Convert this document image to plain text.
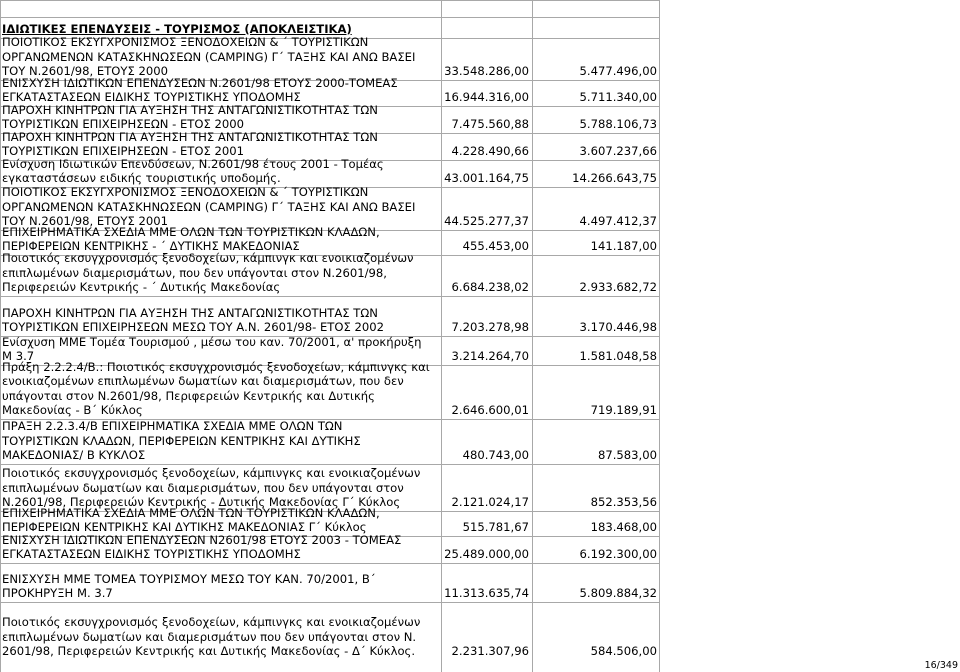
ΙΔΙΩΤΙΚΕΣ ΕΠΕΝΔΥΣΕΙΣ - ΤΟΥΡΙΣΜΟΣ (ΑΠΟΚΛΕΙΣΤΙΚΑ)
ΠΟΙΟΤΙΚΟΣ ΕΚΣΥΓΧΡΟΝΙΣΜΟΣ ΞΕΝΟΔΟΧΕΙΩΝ & ΄ ΤΟΥΡΙΣΤΙΚΩΝ
ΟΡΓΑΝΩΜΕΝΩΝ ΚΑΤΑΣΚΗΝΩΣΕΩΝ (CAMPING) Γ΄ ΤΑΞΗΣ ΚΑΙ ΑΝΩ ΒΑΣΕΙ
ΤΟΥ Ν.2601/98, ΕΤΟΥΣ 2000	33.548.286,00	5.477.496,00
ΕΝΙΣΧΥΣΗ ΙΔΙΩΤΙΚΩΝ ΕΠΕΝΔΥΣΕΩΝ Ν.2601/98 ΕΤΟΥΣ 2000-ΤΟΜΕΑΣ
ΕΓΚΑΤΑΣΤΑΣΕΩΝ ΕΙΔΙΚΗΣ ΤΟΥΡΙΣΤΙΚΗΣ ΥΠΟΔΟΜΗΣ	16.944.316,00	5.711.340,00
ΠΑΡΟΧΗ ΚΙΝΗΤΡΩΝ ΓΙΑ ΑΥΞΗΣΗ ΤΗΣ ΑΝΤΑΓΩΝΙΣΤΙΚΟΤΗΤΑΣ ΤΩΝ
ΤΟΥΡΙΣΤΙΚΩΝ ΕΠΙΧΕΙΡΗΣΕΩΝ - ΕΤΟΣ 2000	7.475.560,88	5.788.106,73
ΠΑΡΟΧΗ ΚΙΝΗΤΡΩΝ ΓΙΑ ΑΥΞΗΣΗ ΤΗΣ ΑΝΤΑΓΩΝΙΣΤΙΚΟΤΗΤΑΣ ΤΩΝ
ΤΟΥΡΙΣΤΙΚΩΝ ΕΠΙΧΕΙΡΗΣΕΩΝ - ΕΤΟΣ 2001	4.228.490,66	3.607.237,66
Ενίσχυση Ιδιωτικών Επενδύσεων, Ν.2601/98 έτους 2001 - Τομέας
εγκαταστάσεων ειδικής τουριστικής υποδομής.	43.001.164,75	14.266.643,75
ΠΟΙΟΤΙΚΟΣ ΕΚΣΥΓΧΡΟΝΙΣΜΟΣ ΞΕΝΟΔΟΧΕΙΩΝ & ΄ ΤΟΥΡΙΣΤΙΚΩΝ
ΟΡΓΑΝΩΜΕΝΩΝ ΚΑΤΑΣΚΗΝΩΣΕΩΝ (CAMPING) Γ΄ ΤΑΞΗΣ ΚΑΙ ΑΝΩ ΒΑΣΕΙ
ΤΟΥ Ν.2601/98, ΕΤΟΥΣ 2001	44.525.277,37	4.497.412,37
ΕΠΙΧΕΙΡΗΜΑΤΙΚΑ ΣΧΕΔΙΑ ΜΜΕ ΟΛΩΝ ΤΩΝ ΤΟΥΡΙΣΤΙΚΩΝ ΚΛΑΔΩΝ,
ΠΕΡΙΦΕΡΕΙΩΝ ΚΕΝΤΡΙΚΗΣ - ΄ ΔΥΤΙΚΗΣ ΜΑΚΕΔΟΝΙΑΣ	455.453,00	141.187,00
Ποιοτικός εκσυγχρονισμός ξενοδοχείων, κάμπινγκ και ενοικιαζομένων
επιπλωμένων διαμερισμάτων, που δεν υπάγονται στον Ν.2601/98,
Περιφερειών Κεντρικής - ΄ Δυτικής Μακεδονίας	6.684.238,02	2.933.682,72
ΠΑΡΟΧΗ ΚΙΝΗΤΡΩΝ ΓΙΑ ΑΥΞΗΣΗ ΤΗΣ ΑΝΤΑΓΩΝΙΣΤΙΚΟΤΗΤΑΣ ΤΩΝ
ΤΟΥΡΙΣΤΙΚΩΝ ΕΠΙΧΕΙΡΗΣΕΩΝ ΜΕΣΩ ΤΟΥ Α.Ν. 2601/98- ΕΤΟΣ 2002	7.203.278,98	3.170.446,98
Ενίσχυση ΜΜΕ Τομέα Τουρισμού , μέσω του καν. 70/2001, α' προκήρυξη
Μ 3.7	3.214.264,70	1.581.048,58
Πράξη 2.2.2.4/Β.: Ποιοτικός εκσυγχρονισμός ξενοδοχείων, κάμπινγκς και
ενοικιαζομένων επιπλωμένων δωματίων και διαμερισμάτων, που δεν
υπάγονται στον Ν.2601/98, Περιφερειών Κεντρικής και Δυτικής
Μακεδονίας - Β΄ Κύκλος	2.646.600,01	719.189,91
ΠΡΑΞΗ 2.2.3.4/Β ΕΠΙΧΕΙΡΗΜΑΤΙΚΑ ΣΧΕΔΙΑ ΜΜΕ ΟΛΩΝ ΤΩΝ
ΤΟΥΡΙΣΤΙΚΩΝ ΚΛΑΔΩΝ, ΠΕΡΙΦΕΡΕΙΩΝ ΚΕΝΤΡΙΚΗΣ ΚΑΙ ΔΥΤΙΚΗΣ
ΜΑΚΕΔΟΝΙΑΣ/ Β ΚΥΚΛΟΣ	480.743,00	87.583,00
Ποιοτικός εκσυγχρονισμός ξενοδοχείων, κάμπινγκς και ενοικιαζομένων
επιπλωμένων δωματίων και διαμερισμάτων, που δεν υπάγονται στον
Ν.2601/98, Περιφερειών Κεντρικής - Δυτικής Μακεδονίας Γ΄ Κύκλος	2.121.024,17	852.353,56
ΕΠΙΧΕΙΡΗΜΑΤΙΚΑ ΣΧΕΔΙΑ ΜΜΕ ΟΛΩΝ ΤΩΝ ΤΟΥΡΙΣΤΙΚΩΝ ΚΛΑΔΩΝ,
ΠΕΡΙΦΕΡΕΙΩΝ ΚΕΝΤΡΙΚΗΣ ΚΑΙ ΔΥΤΙΚΗΣ ΜΑΚΕΔΟΝΙΑΣ Γ΄ Κύκλος	515.781,67	183.468,00
ΕΝΙΣΧΥΣΗ ΙΔΙΩΤΙΚΩΝ ΕΠΕΝΔΥΣΕΩΝ Ν2601/98 ΕΤΟΥΣ 2003 - ΤΟΜΕΑΣ
ΕΓΚΑΤΑΣΤΑΣΕΩΝ ΕΙΔΙΚΗΣ ΤΟΥΡΙΣΤΙΚΗΣ ΥΠΟΔΟΜΗΣ	25.489.000,00	6.192.300,00
ΕΝΙΣΧΥΣΗ ΜΜΕ ΤΟΜΕΑ ΤΟΥΡΙΣΜΟΥ ΜΕΣΩ ΤΟΥ ΚΑΝ. 70/2001, Β΄
ΠΡΟΚΗΡΥΞΗ Μ. 3.7	11.313.635,74	5.809.884,32
Ποιοτικός εκσυγχρονισμός ξενοδοχείων, κάμπινγκς και ενοικιαζομένων
επιπλωμένων δωματίων και διαμερισμάτων που δεν υπάγονται στον Ν.
2601/98, Περιφερειών Κεντρικής και Δυτικής Μακεδονίας - Δ΄ Κύκλος.	2.231.307,96	584.506,00
16/349
